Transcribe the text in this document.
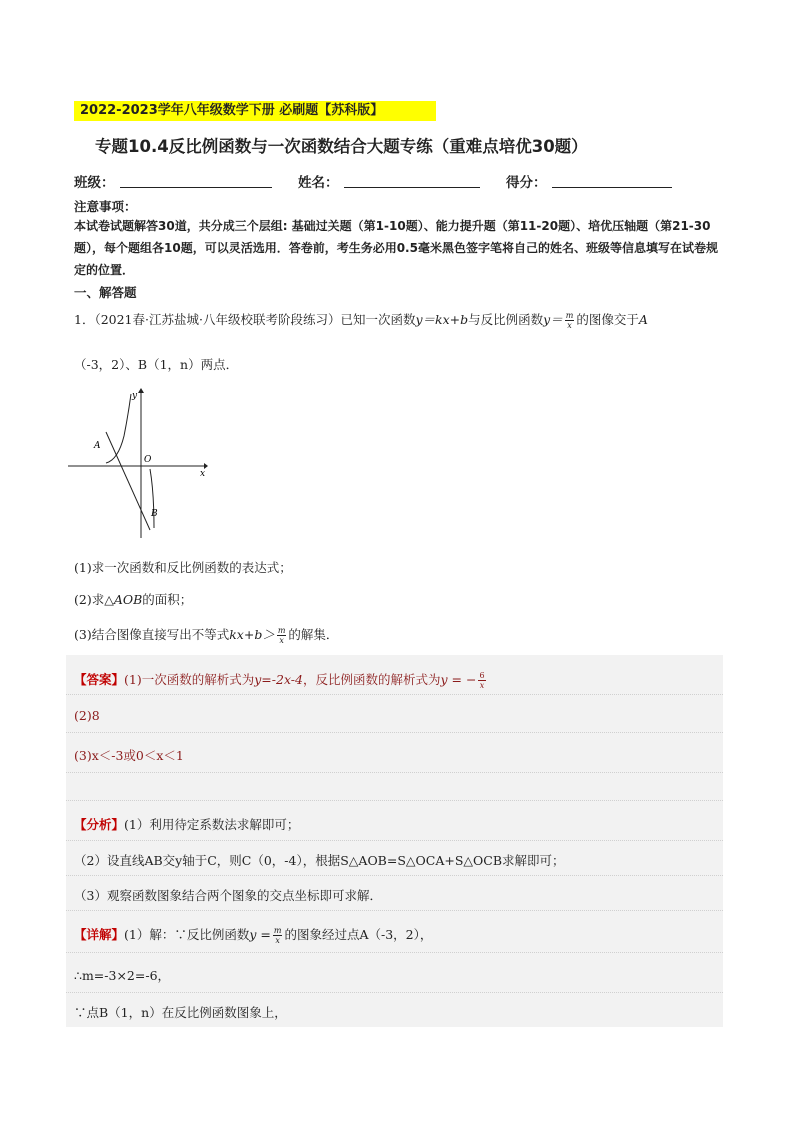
2022-2023学年八年级数学下册 必刷题【苏科版】
专题10.4反比例函数与一次函数结合大题专练（重难点培优30题）
班级：	姓名：	得分：
注意事项：
本试卷试题解答30道，共分成三个层组: 基础过关题（第1-10题）、能力提升题（第11-20题）、培优压轴题（第21-30题），每个题组各10题，可以灵活选用．答卷前，考生务必用0.5毫米黑色签字笔将自己的姓名、班级等信息填写在试卷规定的位置．
一、解答题
1．（2021春·江苏盐城·八年级校联考阶段练习）已知一次函数y＝kx+b与反比例函数$y= \frac{m}{x}$ 的图像交于A
（-3，2）、B（1，n）两点．
y
x
A
O
B
(1)求一次函数和反比例函数的表达式；
(2)求△AOB的面积；
(3)结合图像直接写出不等式$kx+b> \frac{m}{x}$ 的解集．
【答案】(1)一次函数的解析式为y=-2x-4，反比例函数的解析式为y = − $\frac{6}{x}$
(2)8
(3)x＜-3或0＜x＜1
【分析】(1）利用待定系数法求解即可；
（2）设直线AB交y轴于C，则C（0，-4），根据S△AOB=S△OCA+S△OCB求解即可；
（3）观察函数图象结合两个图象的交点坐标即可求解．
【详解】(1）解：∵反比例函数$y = \frac{m}{x}$ 的图象经过点A（-3，2），
∴m=-3×2=-6，
∵点B（1，n）在反比例函数图象上，
